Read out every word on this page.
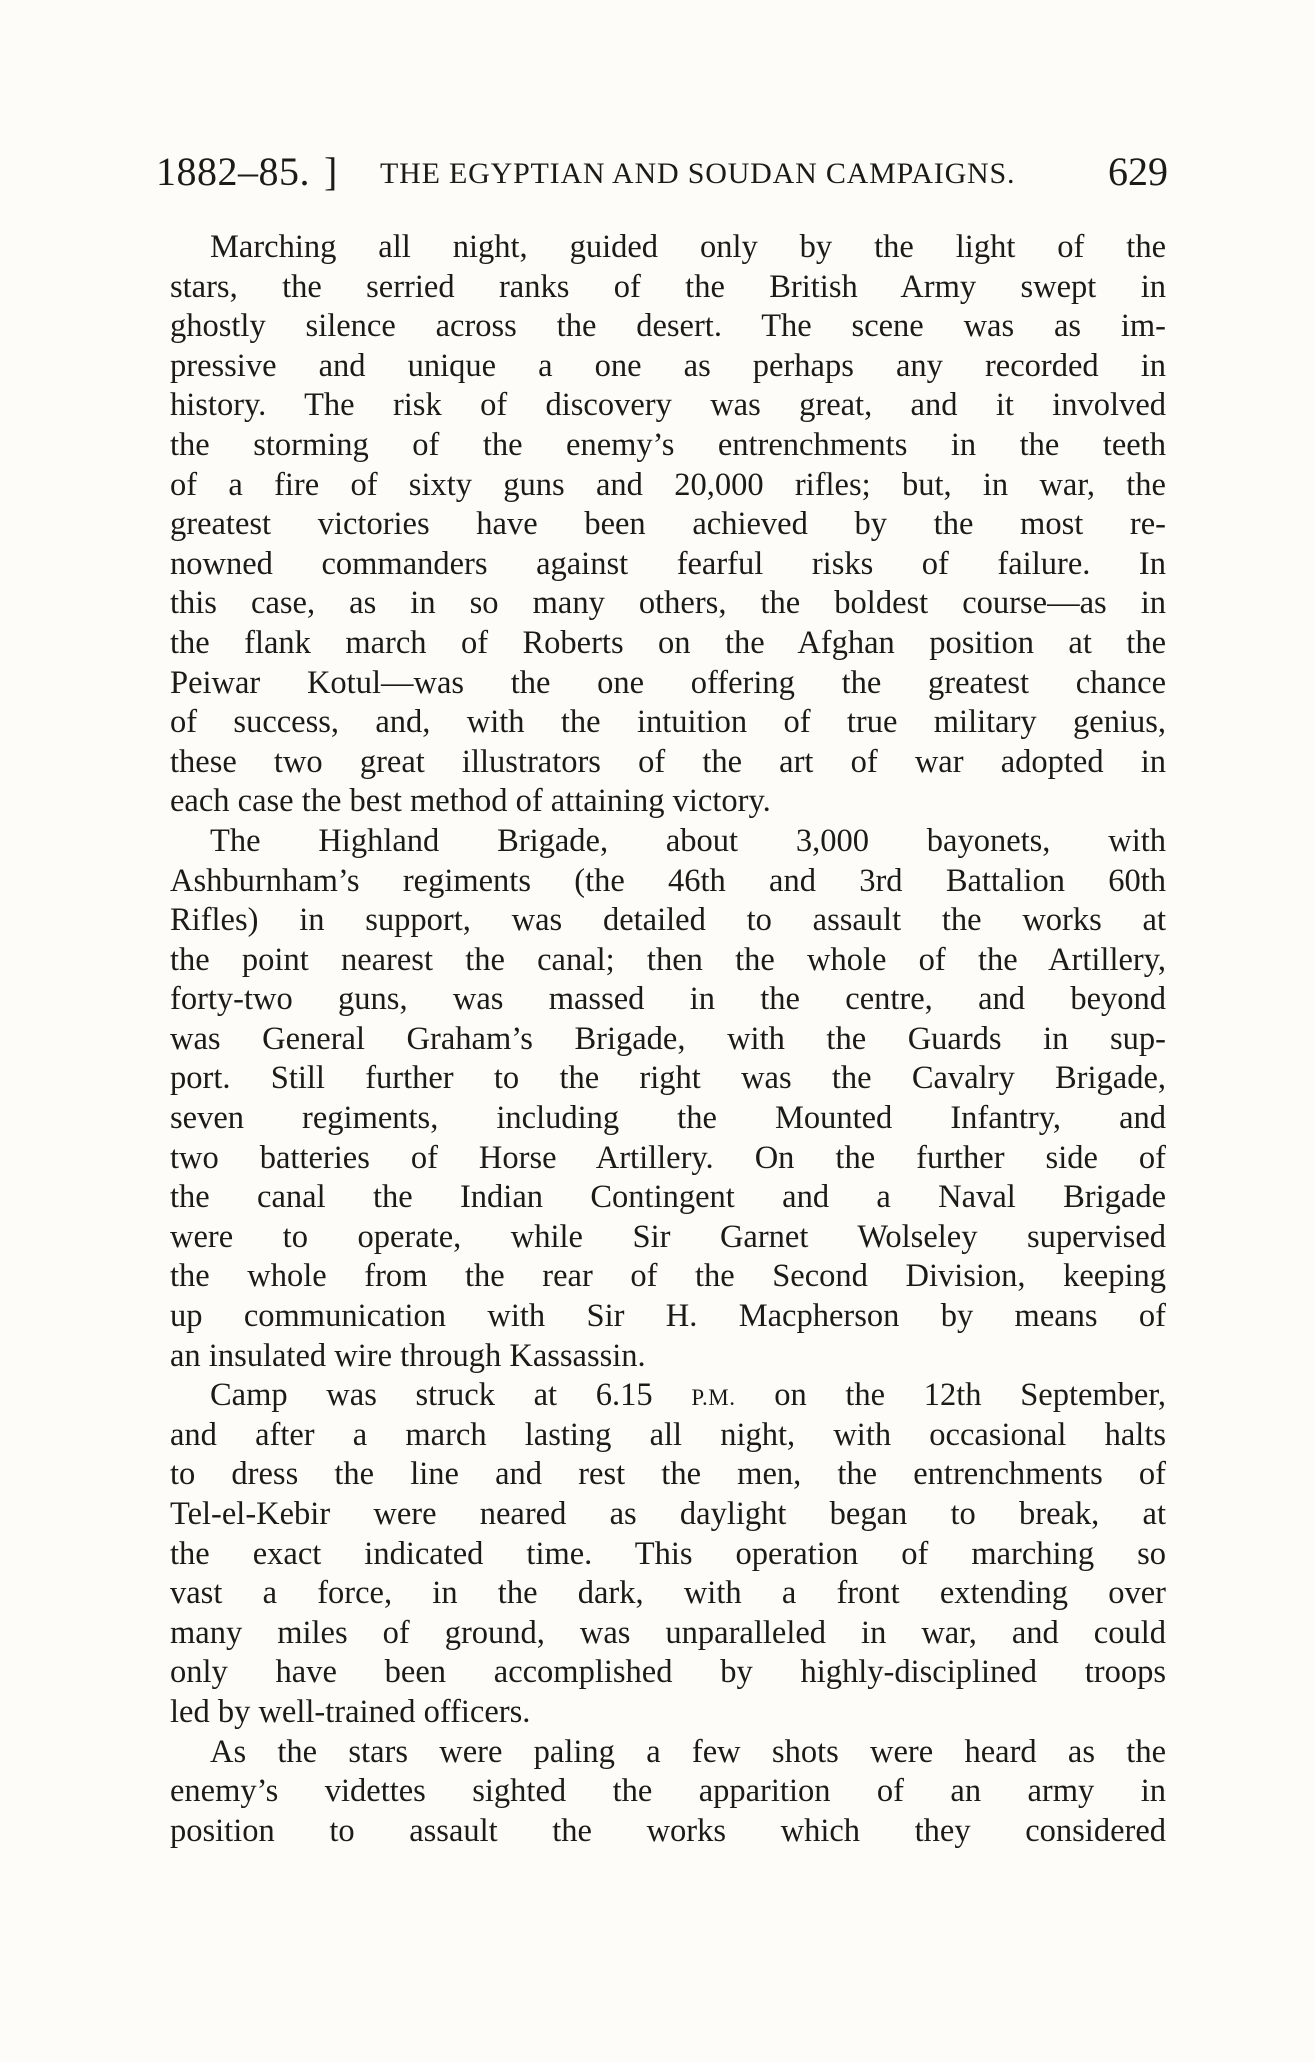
1882–85. ] THE EGYPTIAN AND SOUDAN CAMPAIGNS. 629
Marching all night, guided only by the light of the
stars, the serried ranks of the British Army swept in
ghostly silence across the desert. The scene was as im-
pressive and unique a one as perhaps any recorded in
history. The risk of discovery was great, and it involved
the storming of the enemy’s entrenchments in the teeth
of a fire of sixty guns and 20,000 rifles; but, in war, the
greatest victories have been achieved by the most re-
nowned commanders against fearful risks of failure. In
this case, as in so many others, the boldest course—as in
the flank march of Roberts on the Afghan position at the
Peiwar Kotul—was the one offering the greatest chance
of success, and, with the intuition of true military genius,
these two great illustrators of the art of war adopted in
each case the best method of attaining victory.
The Highland Brigade, about 3,000 bayonets, with
Ashburnham’s regiments (the 46th and 3rd Battalion 60th
Rifles) in support, was detailed to assault the works at
the point nearest the canal; then the whole of the Artillery,
forty-two guns, was massed in the centre, and beyond
was General Graham’s Brigade, with the Guards in sup-
port. Still further to the right was the Cavalry Brigade,
seven regiments, including the Mounted Infantry, and
two batteries of Horse Artillery. On the further side of
the canal the Indian Contingent and a Naval Brigade
were to operate, while Sir Garnet Wolseley supervised
the whole from the rear of the Second Division, keeping
up communication with Sir H. Macpherson by means of
an insulated wire through Kassassin.
Camp was struck at 6.15 P.M. on the 12th September,
and after a march lasting all night, with occasional halts
to dress the line and rest the men, the entrenchments of
Tel-el-Kebir were neared as daylight began to break, at
the exact indicated time. This operation of marching so
vast a force, in the dark, with a front extending over
many miles of ground, was unparalleled in war, and could
only have been accomplished by highly-disciplined troops
led by well-trained officers.
As the stars were paling a few shots were heard as the
enemy’s videttes sighted the apparition of an army in
position to assault the works which they considered
